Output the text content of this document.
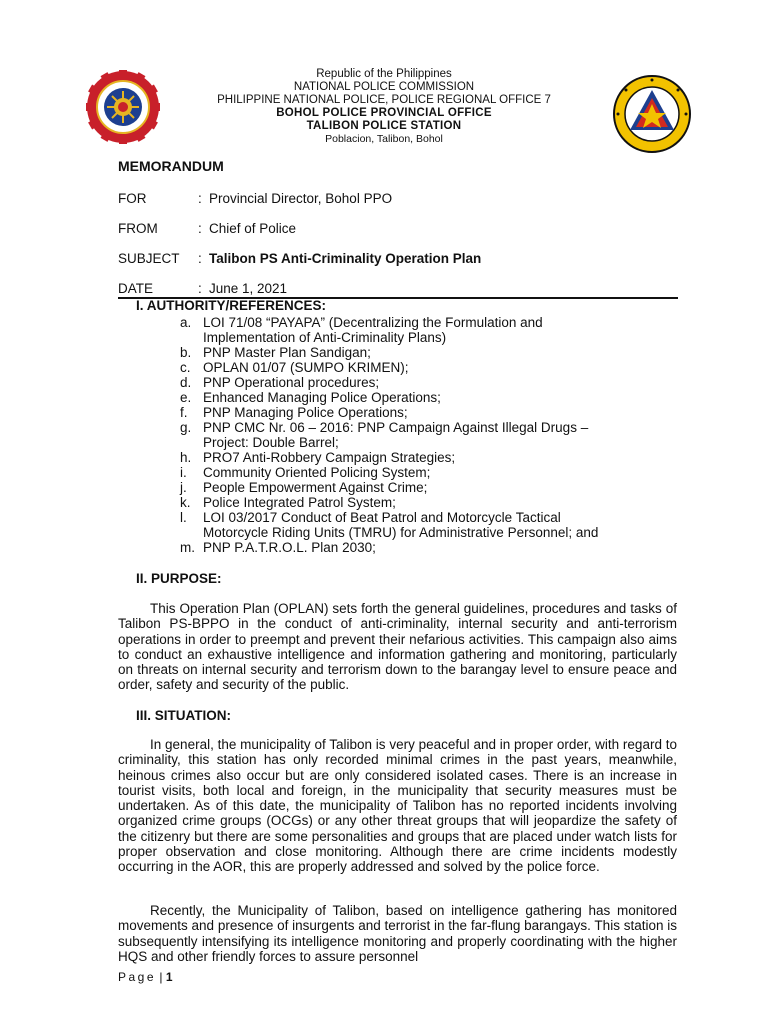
Republic of the Philippines
NATIONAL POLICE COMMISSION
PHILIPPINE NATIONAL POLICE, POLICE REGIONAL OFFICE 7
BOHOL POLICE PROVINCIAL OFFICE
TALIBON POLICE STATION
Poblacion, Talibon, Bohol
MEMORANDUM
FOR	: Provincial Director, Bohol PPO
FROM	: Chief of Police
SUBJECT : Talibon PS Anti-Criminality Operation Plan
DATE	: June 1, 2021
I. AUTHORITY/REFERENCES:
a. LOI 71/08 “PAYAPA” (Decentralizing the Formulation and
Implementation of Anti-Criminality Plans)
b. PNP Master Plan Sandigan;
c. OPLAN 01/07 (SUMPO KRIMEN);
d. PNP Operational procedures;
e. Enhanced Managing Police Operations;
f. PNP Managing Police Operations;
g. PNP CMC Nr. 06 – 2016: PNP Campaign Against Illegal Drugs –
Project: Double Barrel;
h. PRO7 Anti-Robbery Campaign Strategies;
i. Community Oriented Policing System;
j. People Empowerment Against Crime;
k. Police Integrated Patrol System;
l. LOI 03/2017 Conduct of Beat Patrol and Motorcycle Tactical
Motorcycle Riding Units (TMRU) for Administrative Personnel; and
m. PNP P.A.T.R.O.L. Plan 2030;
II. PURPOSE:
This Operation Plan (OPLAN) sets forth the general guidelines, procedures and tasks of Talibon PS-BPPO in the conduct of anti-criminality, internal security and anti-terrorism operations in order to preempt and prevent their nefarious activities. This campaign also aims to conduct an exhaustive intelligence and information gathering and monitoring, particularly on threats on internal security and terrorism down to the barangay level to ensure peace and order, safety and security of the public.
III. SITUATION:
In general, the municipality of Talibon is very peaceful and in proper order, with regard to criminality, this station has only recorded minimal crimes in the past years, meanwhile, heinous crimes also occur but are only considered isolated cases. There is an increase in tourist visits, both local and foreign, in the municipality that security measures must be undertaken. As of this date, the municipality of Talibon has no reported incidents involving organized crime groups (OCGs) or any other threat groups that will jeopardize the safety of the citizenry but there are some personalities and groups that are placed under watch lists for proper observation and close monitoring. Although there are crime incidents modestly occurring in the AOR, this are properly addressed and solved by the police force.
Recently, the Municipality of Talibon, based on intelligence gathering has monitored movements and presence of insurgents and terrorist in the far-flung barangays. This station is subsequently intensifying its intelligence monitoring and properly coordinating with the higher HQS and other friendly forces to assure personnel
Page | 1
